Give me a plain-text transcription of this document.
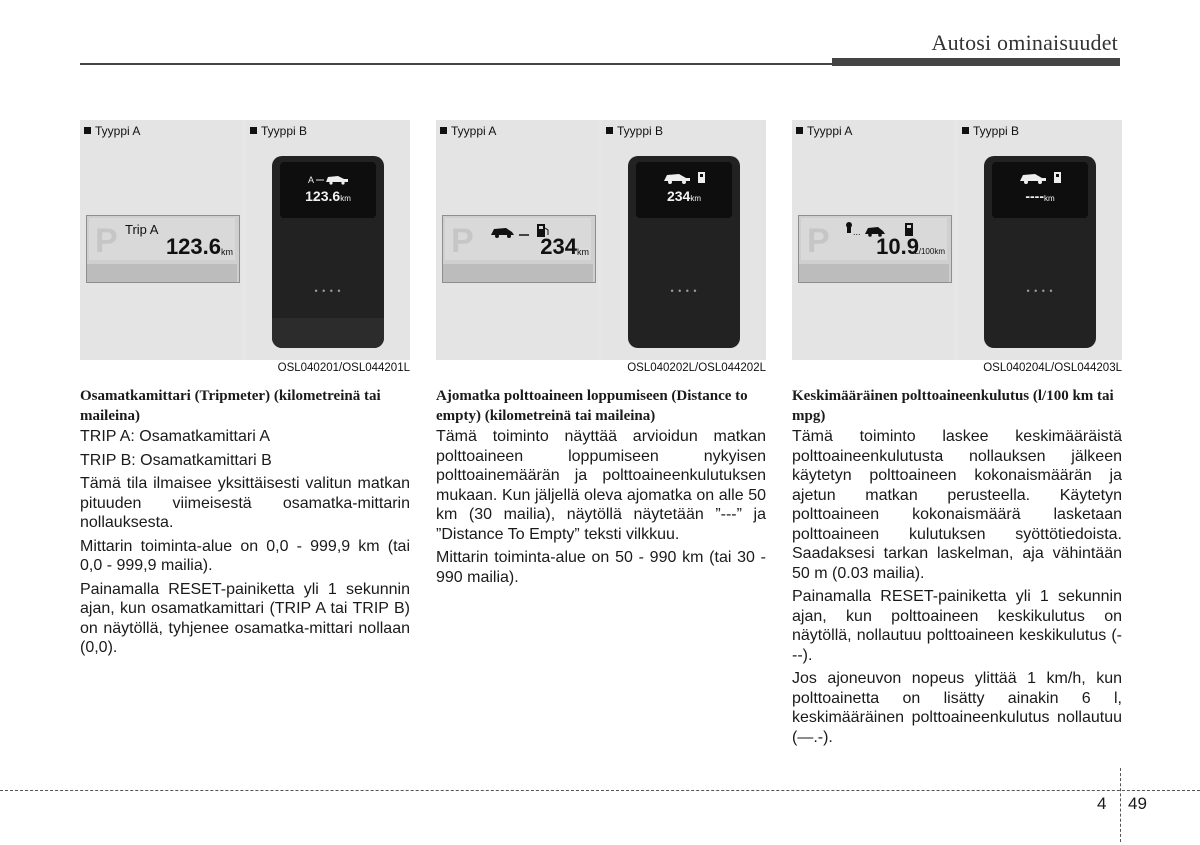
Autosi ominaisuudet
Tyyppi A
P Trip A
123.6 km
Tyyppi B
A
123.6km
• • • •
OSL040201/OSL044201L

Osamatkamittari (Tripmeter) (kilometreinä tai maileina)

TRIP A: Osamatkamittari A

TRIP B: Osamatkamittari B

Tämä tila ilmaisee yksittäisesti valitun matkan pituuden viimeisestä osamatka-mittarin nollauksesta.

Mittarin toiminta-alue on 0,0 - 999,9 km (tai 0,0 - 999,9 mailia).

Painamalla RESET-painiketta yli 1 sekunnin ajan, kun osamatkamittari (TRIP A tai TRIP B) on näytöllä, tyhjenee osamatka-mittari nollaan (0,0).

Tyyppi A
P	234 km
Tyyppi B
234km
• • • •
OSL040202L/OSL044202L

Ajomatka polttoaineen loppumiseen (Distance to empty) (kilometreinä tai maileina)

Tämä toiminto näyttää arvioidun matkan polttoaineen loppumiseen nykyisen polttoainemäärän ja polttoaineenkulutuksen mukaan. Kun jäljellä oleva ajomatka on alle 50 km (30 mailia), näytöllä näytetään ”---” ja ”Distance To Empty” teksti vilkkuu.

Mittarin toiminta-alue on 50 - 990 km (tai 30 - 990 mailia).

Tyyppi A
P	...
10.9
L/100km
Tyyppi B
----km
• • • •
OSL040204L/OSL044203L

Keskimääräinen polttoaineenkulutus (l/100 km tai mpg)

Tämä toiminto laskee keskimääräistä polttoaineenkulutusta nollauksen jälkeen käytetyn polttoaineen kokonaismäärän ja ajetun matkan perusteella. Käytetyn polttoaineen kokonaismäärä lasketaan polttoaineen kulutuksen syöttötiedoista. Saadaksesi tarkan laskelman, aja vähintään 50 m (0.03 mailia).

Painamalla RESET-painiketta yli 1 sekunnin ajan, kun polttoaineen keskikulutus on näytöllä, nollautuu polttoaineen keskikulutus (---).

Jos ajoneuvon nopeus ylittää 1 km/h, kun polttoainetta on lisätty ainakin 6 l, keskimääräinen polttoaineenkulutus nollautuu (—.-).

4 49
